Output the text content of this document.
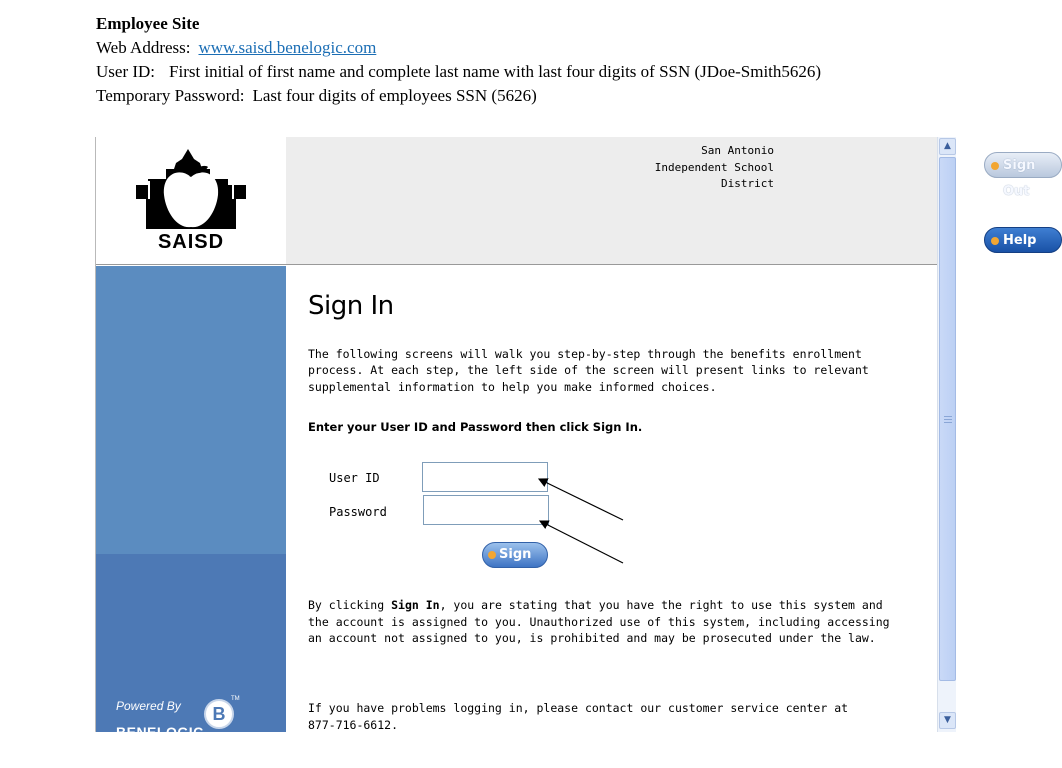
Employee Site
Web Address: www.saisd.benelogic.com
User ID: First initial of first name and complete last name with last four digits of SSN (JDoe-Smith5626)
Temporary Password: Last four digits of employees SSN (5626)
SAISD
San Antonio
Independent School
District
Sign Out
Help
Powered By
BENELOGIC
B
TM
Sign In
The following screens will walk you step-by-step through the benefits enrollment process. At each step, the left side of the screen will present links to relevant supplemental information to help you make informed choices.
Enter your User ID and Password then click Sign In.
User ID
Password
Sign In
By clicking Sign In, you are stating that you have the right to use this system and the account is assigned to you. Unauthorized use of this system, including accessing an account not assigned to you, is prohibited and may be prosecuted under the law.
If you have problems logging in, please contact our customer service center at 877-716-6612.
▲
▼
